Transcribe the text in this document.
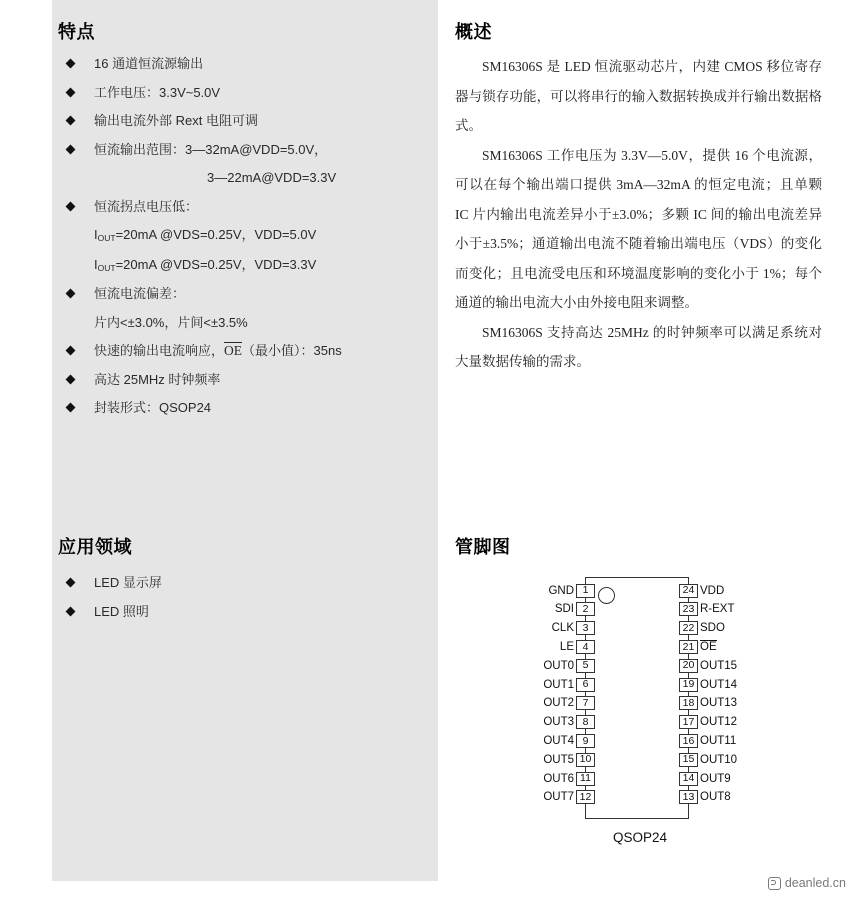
特点
16 通道恒流源输出
工作电压：3.3V~5.0V
输出电流外部 Rext 电阻可调
恒流输出范围：3—32mA@VDD=5.0V，
3—22mA@VDD=3.3V
恒流拐点电压低：
$I_{OUT}=20mA$ @VDS=0.25V，VDD=5.0V
$I_{OUT}=20mA$ @VDS=0.25V，VDD=3.3V
恒流电流偏差：
片内<±3.0%，片间<±3.5%
快速的输出电流响应，OE（最小值）：35ns
高达 25MHz 时钟频率
封装形式：QSOP24
应用领域
LED 显示屏
LED 照明
概述

SM16306S 是 LED 恒流驱动芯片，内建 CMOS 移位寄存器与锁存功能，可以将串行的输入数据转换成并行输出数据格式。

SM16306S 工作电压为 3.3V—5.0V，提供 16 个电流源，可以在每个输出端口提供 3mA—32mA 的恒定电流；且单颗 IC 片内输出电流差异小于±3.0%；多颗 IC 间的输出电流差异小于±3.5%；通道输出电流不随着输出端电压（VDS）的变化而变化；且电流受电压和环境温度影响的变化小于 1%；每个通道的输出电流大小由外接电阻来调整。

SM16306S 支持高达 25MHz 的时钟频率可以满足系统对大量数据传输的需求。

管脚图
GND 1
SDI 2
CLK 3
LE 4
OUT0 5
OUT1 6
OUT2 7
OUT3 8
OUT4 9
OUT5 10
OUT6 11
OUT7 12
24 VDD
23 R-EXT
22 SDO
21 OE
20 OUT15
19 OUT14
18 OUT13
17 OUT12
16 OUT11
15 OUT10
14 OUT9
13 OUT8
QSOP24
deanled.cn
